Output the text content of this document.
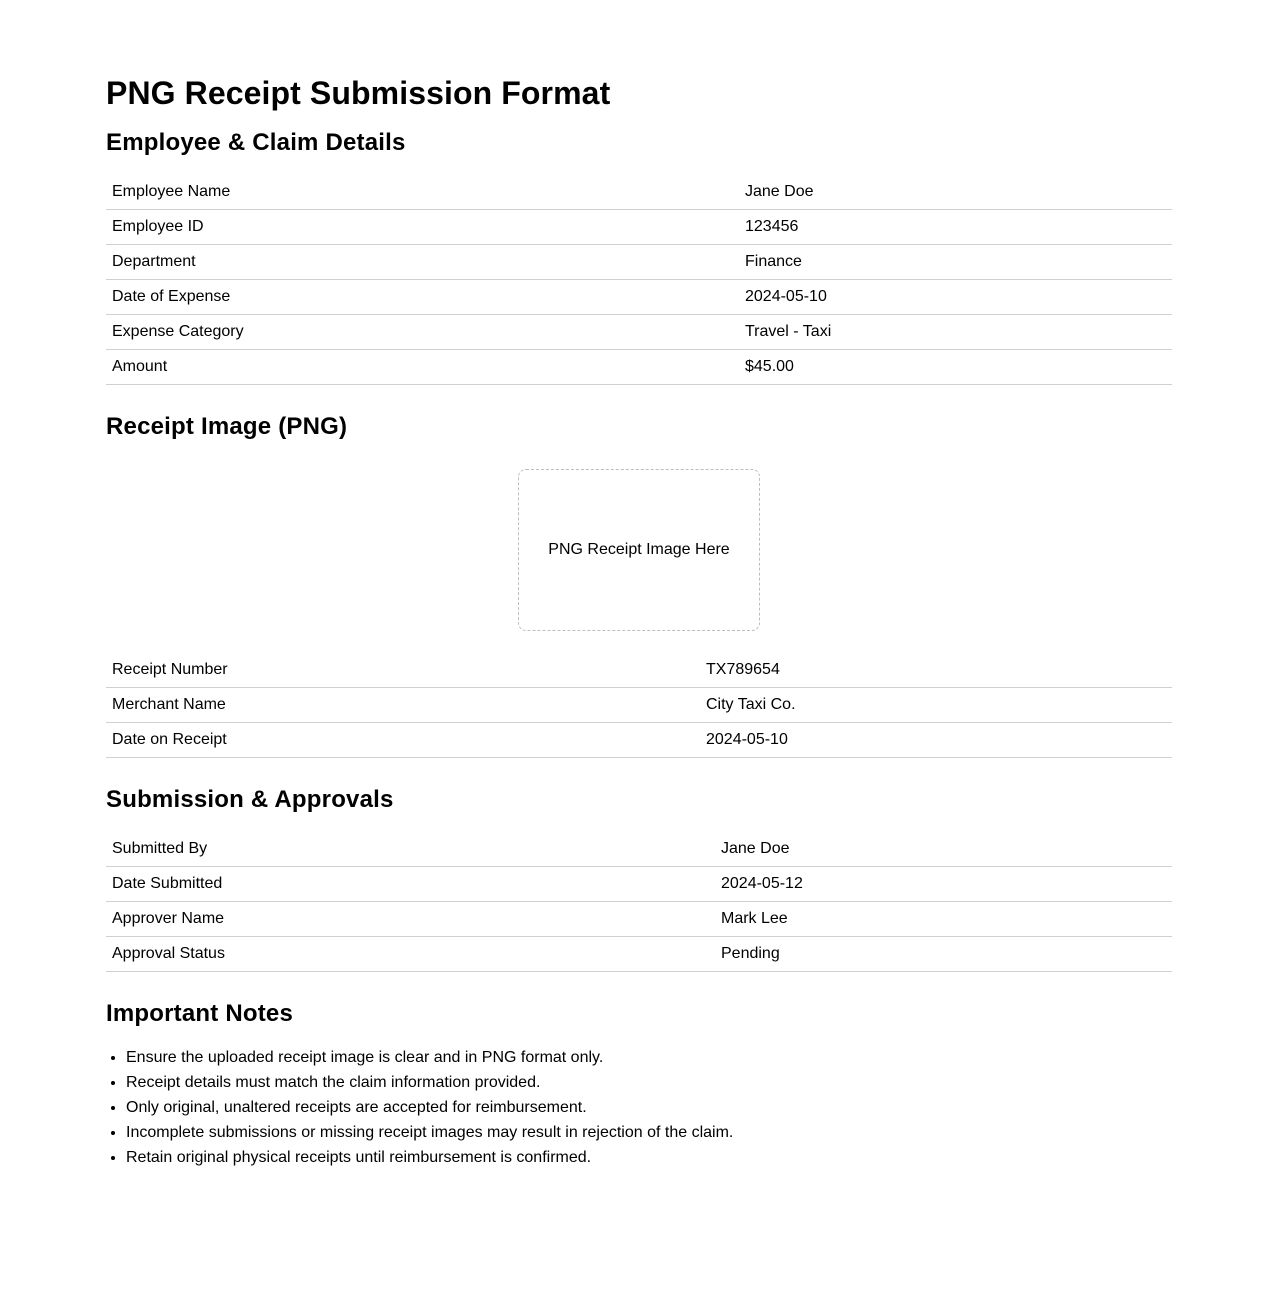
PNG Receipt Submission Format
Employee & Claim Details
Employee Name	Jane Doe
Employee ID	123456
Department	Finance
Date of Expense	2024-05-10
Expense Category	Travel - Taxi
Amount	$45.00
Receipt Image (PNG)
PNG Receipt Image Here
Receipt Number	TX789654
Merchant Name	City Taxi Co.
Date on Receipt	2024-05-10
Submission & Approvals
Submitted By	Jane Doe
Date Submitted	2024-05-12
Approver Name	Mark Lee
Approval Status	Pending
Important Notes
• Ensure the uploaded receipt image is clear and in PNG format only.
• Receipt details must match the claim information provided.
• Only original, unaltered receipts are accepted for reimbursement.
• Incomplete submissions or missing receipt images may result in rejection of the claim.
• Retain original physical receipts until reimbursement is confirmed.
